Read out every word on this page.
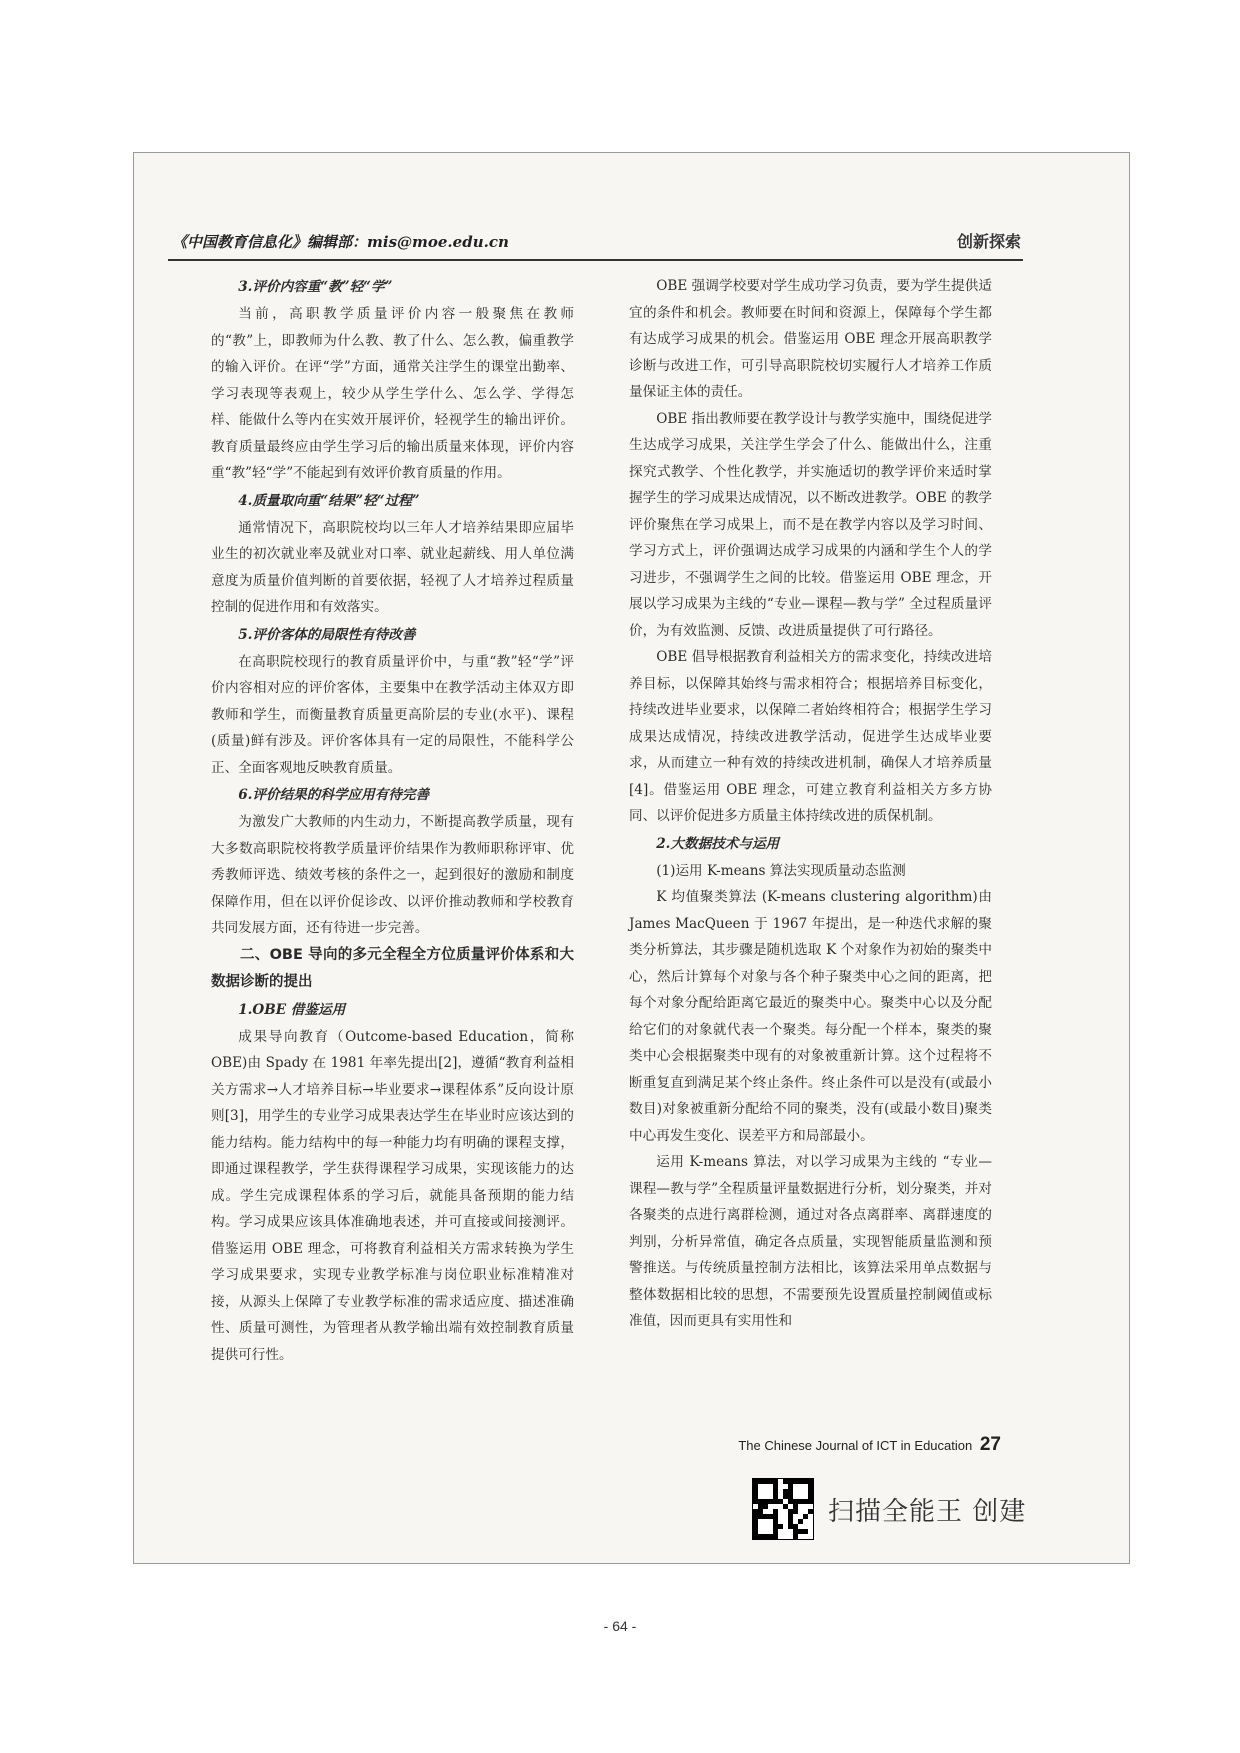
《中国教育信息化》编辑部：mis@moe.edu.cn	创新探索
3.评价内容重“教”轻“学”

当前，高职教学质量评价内容一般聚焦在教师的“教”上，即教师为什么教、教了什么、怎么教，偏重教学的输入评价。在评“学”方面，通常关注学生的课堂出勤率、学习表现等表观上，较少从学生学什么、怎么学、学得怎样、能做什么等内在实效开展评价，轻视学生的输出评价。教育质量最终应由学生学习后的输出质量来体现，评价内容重“教”轻“学”不能起到有效评价教育质量的作用。

4.质量取向重“结果”轻“过程”

通常情况下，高职院校均以三年人才培养结果即应届毕业生的初次就业率及就业对口率、就业起薪线、用人单位满意度为质量价值判断的首要依据，轻视了人才培养过程质量控制的促进作用和有效落实。

5.评价客体的局限性有待改善

在高职院校现行的教育质量评价中，与重“教”轻“学”评价内容相对应的评价客体，主要集中在教学活动主体双方即教师和学生，而衡量教育质量更高阶层的专业(水平)、课程(质量)鲜有涉及。评价客体具有一定的局限性，不能科学公正、全面客观地反映教育质量。

6.评价结果的科学应用有待完善

为激发广大教师的内生动力，不断提高教学质量，现有大多数高职院校将教学质量评价结果作为教师职称评审、优秀教师评选、绩效考核的条件之一，起到很好的激励和制度保障作用，但在以评价促诊改、以评价推动教师和学校教育共同发展方面，还有待进一步完善。

二、OBE 导向的多元全程全方位质量评价体系和大数据诊断的提出
1.OBE 借鉴运用

成果导向教育（Outcome-based Education，简称 OBE)由 Spady 在 1981 年率先提出[2]，遵循“教育利益相关方需求→人才培养目标→毕业要求→课程体系”反向设计原则[3]，用学生的专业学习成果表达学生在毕业时应该达到的能力结构。能力结构中的每一种能力均有明确的课程支撑，即通过课程教学，学生获得课程学习成果，实现该能力的达成。学生完成课程体系的学习后，就能具备预期的能力结构。学习成果应该具体准确地表述，并可直接或间接测评。借鉴运用 OBE 理念，可将教育利益相关方需求转换为学生学习成果要求，实现专业教学标准与岗位职业标准精准对接，从源头上保障了专业教学标准的需求适应度、描述准确性、质量可测性，为管理者从教学输出端有效控制教育质量提供可行性。

OBE 强调学校要对学生成功学习负责，要为学生提供适宜的条件和机会。教师要在时间和资源上，保障每个学生都有达成学习成果的机会。借鉴运用 OBE 理念开展高职教学诊断与改进工作，可引导高职院校切实履行人才培养工作质量保证主体的责任。

OBE 指出教师要在教学设计与教学实施中，围绕促进学生达成学习成果，关注学生学会了什么、能做出什么，注重探究式教学、个性化教学，并实施适切的教学评价来适时掌握学生的学习成果达成情况，以不断改进教学。OBE 的教学评价聚焦在学习成果上，而不是在教学内容以及学习时间、学习方式上，评价强调达成学习成果的内涵和学生个人的学习进步，不强调学生之间的比较。借鉴运用 OBE 理念，开展以学习成果为主线的“专业—课程—教与学” 全过程质量评价，为有效监测、反馈、改进质量提供了可行路径。

OBE 倡导根据教育利益相关方的需求变化，持续改进培养目标，以保障其始终与需求相符合；根据培养目标变化，持续改进毕业要求，以保障二者始终相符合；根据学生学习成果达成情况，持续改进教学活动，促进学生达成毕业要求，从而建立一种有效的持续改进机制，确保人才培养质量[4]。借鉴运用 OBE 理念，可建立教育利益相关方多方协同、以评价促进多方质量主体持续改进的质保机制。

2.大数据技术与运用
(1)运用 K-means 算法实现质量动态监测

K 均值聚类算法 (K-means clustering algorithm)由 James MacQueen 于 1967 年提出，是一种迭代求解的聚类分析算法，其步骤是随机选取 K 个对象作为初始的聚类中心，然后计算每个对象与各个种子聚类中心之间的距离，把每个对象分配给距离它最近的聚类中心。聚类中心以及分配给它们的对象就代表一个聚类。每分配一个样本，聚类的聚类中心会根据聚类中现有的对象被重新计算。这个过程将不断重复直到满足某个终止条件。终止条件可以是没有(或最小数目)对象被重新分配给不同的聚类，没有(或最小数目)聚类中心再发生变化、误差平方和局部最小。

运用 K-means 算法，对以学习成果为主线的 “专业—课程—教与学”全程质量评量数据进行分析，划分聚类，并对各聚类的点进行离群检测，通过对各点离群率、离群速度的判别，分析异常值，确定各点质量，实现智能质量监测和预警推送。与传统质量控制方法相比，该算法采用单点数据与整体数据相比较的思想，不需要预先设置质量控制阈值或标准值，因而更具有实用性和

The Chinese Journal of ICT in Education 27
扫描全能王 创建
- 64 -
